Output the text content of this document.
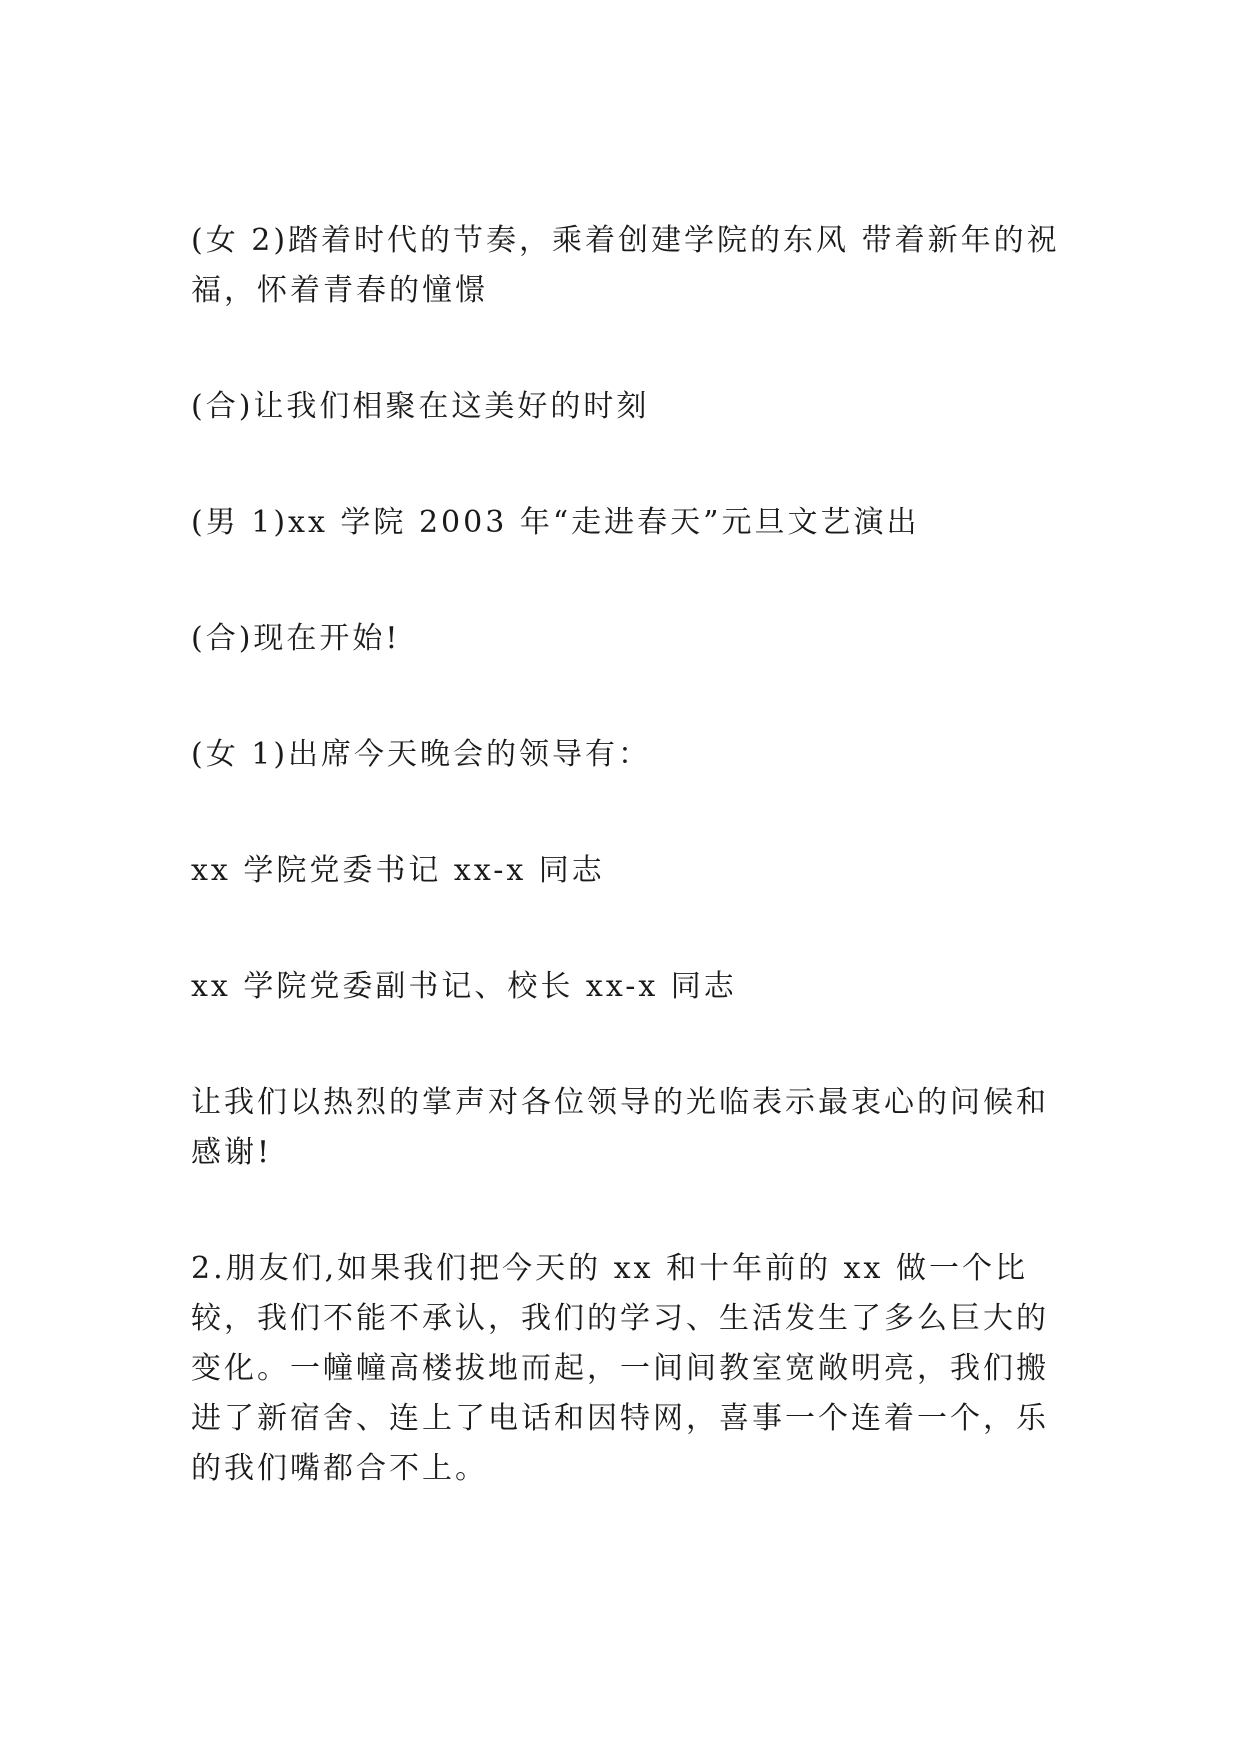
(女 2)踏着时代的节奏，乘着创建学院的东风 带着新年的祝福，怀着青春的憧憬

(合)让我们相聚在这美好的时刻

(男 1)xx 学院 2003 年“走进春天”元旦文艺演出

(合)现在开始!

(女 1)出席今天晚会的领导有：

xx 学院党委书记 xx-x 同志

xx 学院党委副书记、校长 xx-x 同志

让我们以热烈的掌声对各位领导的光临表示最衷心的问候和感谢!

2.朋友们,如果我们把今天的 xx 和十年前的 xx 做一个比较，我们不能不承认，我们的学习、生活发生了多么巨大的变化。一幢幢高楼拔地而起，一间间教室宽敞明亮，我们搬进了新宿舍、连上了电话和因特网，喜事一个连着一个，乐的我们嘴都合不上。
